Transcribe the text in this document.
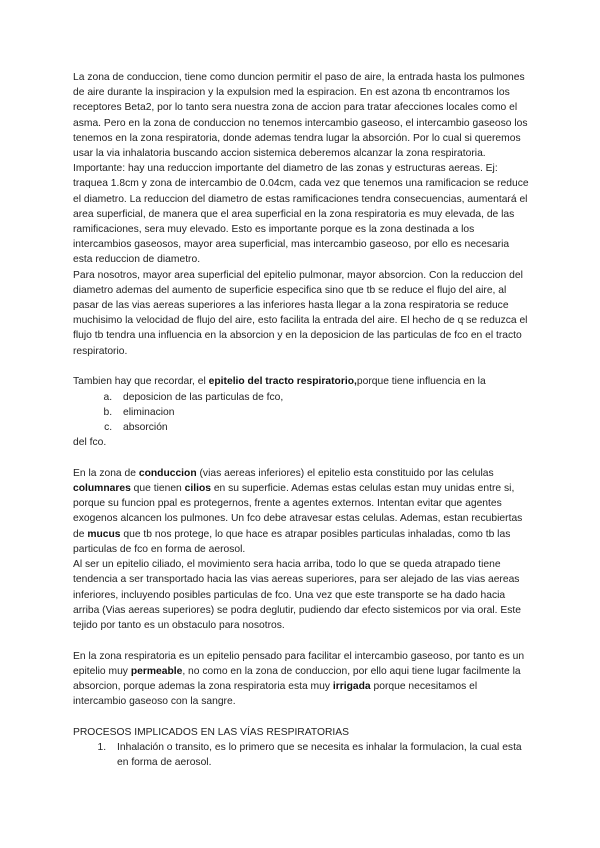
La zona de conduccion, tiene como duncion permitir el paso de aire, la entrada hasta los pulmones de aire durante la inspiracion y la expulsion med la espiracion. En est azona tb encontramos los receptores Beta2, por lo tanto sera nuestra zona de accion para tratar afecciones locales como el asma. Pero en la zona de conduccion no tenemos intercambio gaseoso, el intercambio gaseoso los tenemos en la zona respiratoria, donde ademas tendra lugar la absorción. Por lo cual si queremos usar la via inhalatoria buscando accion sistemica deberemos alcanzar la zona respiratoria.

Importante: hay una reduccion importante del diametro de las zonas y estructuras aereas. Ej: traquea 1.8cm y zona de intercambio de 0.04cm, cada vez que tenemos una ramificacion se reduce el diametro. La reduccion del diametro de estas ramificaciones tendra consecuencias, aumentará el area superficial, de manera que el area superficial en la zona respiratoria es muy elevada, de las ramificaciones, sera muy elevado. Esto es importante porque es la zona destinada a los intercambios gaseosos, mayor area superficial, mas intercambio gaseoso, por ello es necesaria esta reduccion de diametro.

Para nosotros, mayor area superficial del epitelio pulmonar, mayor absorcion. Con la reduccion del diametro ademas del aumento de superficie especifica sino que tb se reduce el flujo del aire, al pasar de las vias aereas superiores a las inferiores hasta llegar a la zona respiratoria se reduce muchisimo la velocidad de flujo del aire, esto facilita la entrada del aire. El hecho de q se reduzca el flujo tb tendra una influencia en la absorcion y en la deposicion de las particulas de fco en el tracto respiratorio.

Tambien hay que recordar, el epitelio del tracto respiratorio,porque tiene influencia en la

a. deposicion de las particulas de fco,
b. eliminacion
c. absorción

del fco.

En la zona de conduccion (vias aereas inferiores) el epitelio esta constituido por las celulas columnares que tienen cilios en su superficie. Ademas estas celulas estan muy unidas entre si, porque su funcion ppal es protegernos, frente a agentes externos. Intentan evitar que agentes exogenos alcancen los pulmones. Un fco debe atravesar estas celulas. Ademas, estan recubiertas de mucus que tb nos protege, lo que hace es atrapar posibles particulas inhaladas, como tb las particulas de fco en forma de aerosol.

Al ser un epitelio ciliado, el movimiento sera hacia arriba, todo lo que se queda atrapado tiene tendencia a ser transportado hacia las vias aereas superiores, para ser alejado de las vias aereas inferiores, incluyendo posibles particulas de fco. Una vez que este transporte se ha dado hacia arriba (Vias aereas superiores) se podra deglutir, pudiendo dar efecto sistemicos por via oral. Este tejido por tanto es un obstaculo para nosotros.

En la zona respiratoria es un epitelio pensado para facilitar el intercambio gaseoso, por tanto es un epitelio muy permeable, no como en la zona de conduccion, por ello aqui tiene lugar facilmente la absorcion, porque ademas la zona respiratoria esta muy irrigada porque necesitamos el intercambio gaseoso con la sangre.

PROCESOS IMPLICADOS EN LAS VÍAS RESPIRATORIAS

1. Inhalación o transito, es lo primero que se necesita es inhalar la formulacion, la cual esta en forma de aerosol.
